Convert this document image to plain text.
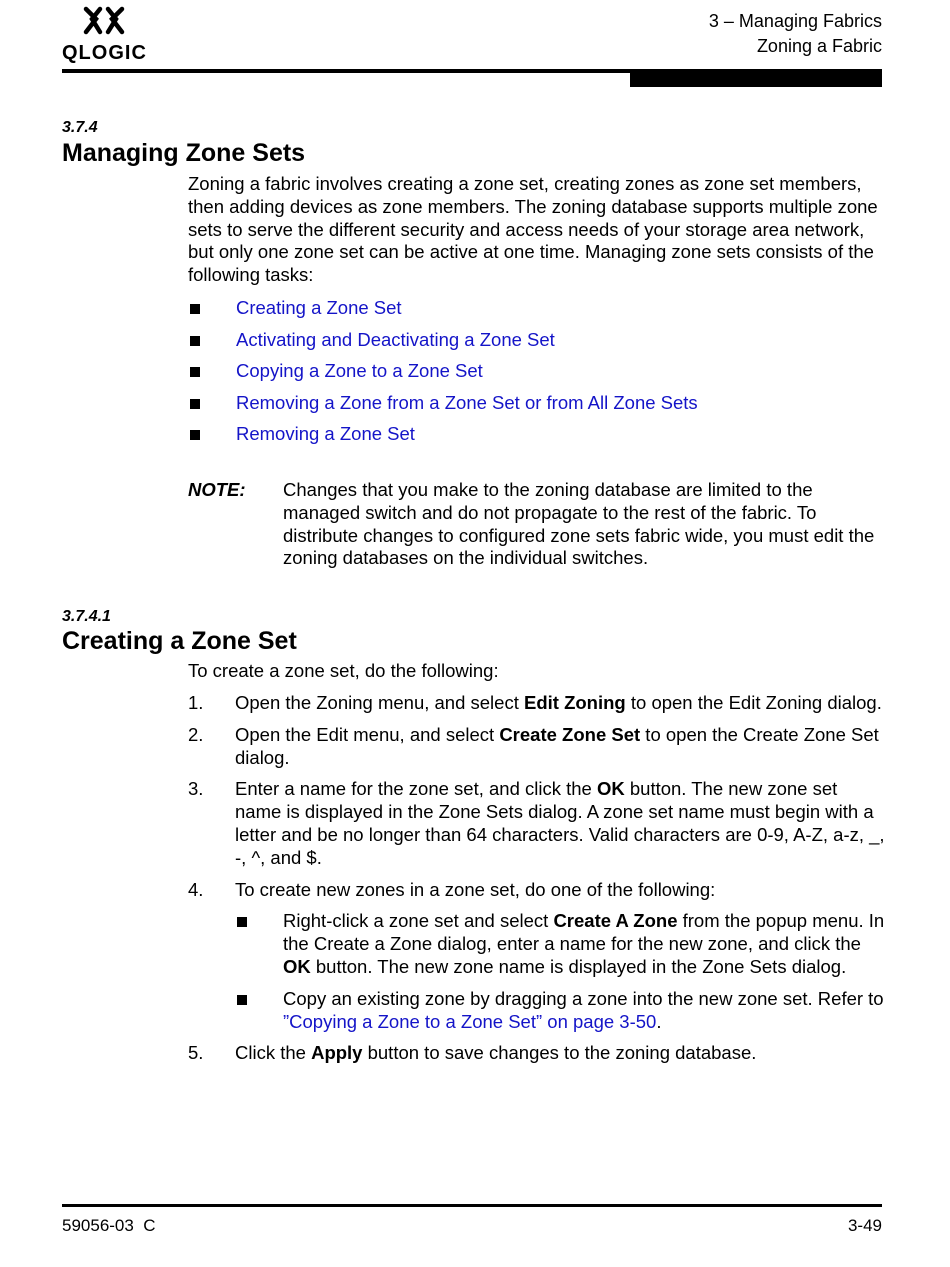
QLOGIC
3 – Managing Fabrics
Zoning a Fabric
3.7.4
Managing Zone Sets
Zoning a fabric involves creating a zone set, creating zones as zone set members, then adding devices as zone members. The zoning database supports multiple zone sets to serve the different security and access needs of your storage area network, but only one zone set can be active at one time. Managing zone sets consists of the following tasks:
Creating a Zone Set
Activating and Deactivating a Zone Set
Copying a Zone to a Zone Set
Removing a Zone from a Zone Set or from All Zone Sets
Removing a Zone Set
NOTE: Changes that you make to the zoning database are limited to the managed switch and do not propagate to the rest of the fabric. To distribute changes to configured zone sets fabric wide, you must edit the zoning databases on the individual switches.
3.7.4.1
Creating a Zone Set
To create a zone set, do the following:
1. Open the Zoning menu, and select Edit Zoning to open the Edit Zoning dialog.
2. Open the Edit menu, and select Create Zone Set to open the Create Zone Set dialog.
3. Enter a name for the zone set, and click the OK button. The new zone set name is displayed in the Zone Sets dialog. A zone set name must begin with a letter and be no longer than 64 characters. Valid characters are 0-9, A-Z, a-z, _, -, ^, and $.
4. To create new zones in a zone set, do one of the following:
Right-click a zone set and select Create A Zone from the popup menu. In the Create a Zone dialog, enter a name for the new zone, and click the OK button. The new zone name is displayed in the Zone Sets dialog.
Copy an existing zone by dragging a zone into the new zone set. Refer to ”Copying a Zone to a Zone Set” on page 3-50.
5. Click the Apply button to save changes to the zoning database.
59056-03  C	3-49
